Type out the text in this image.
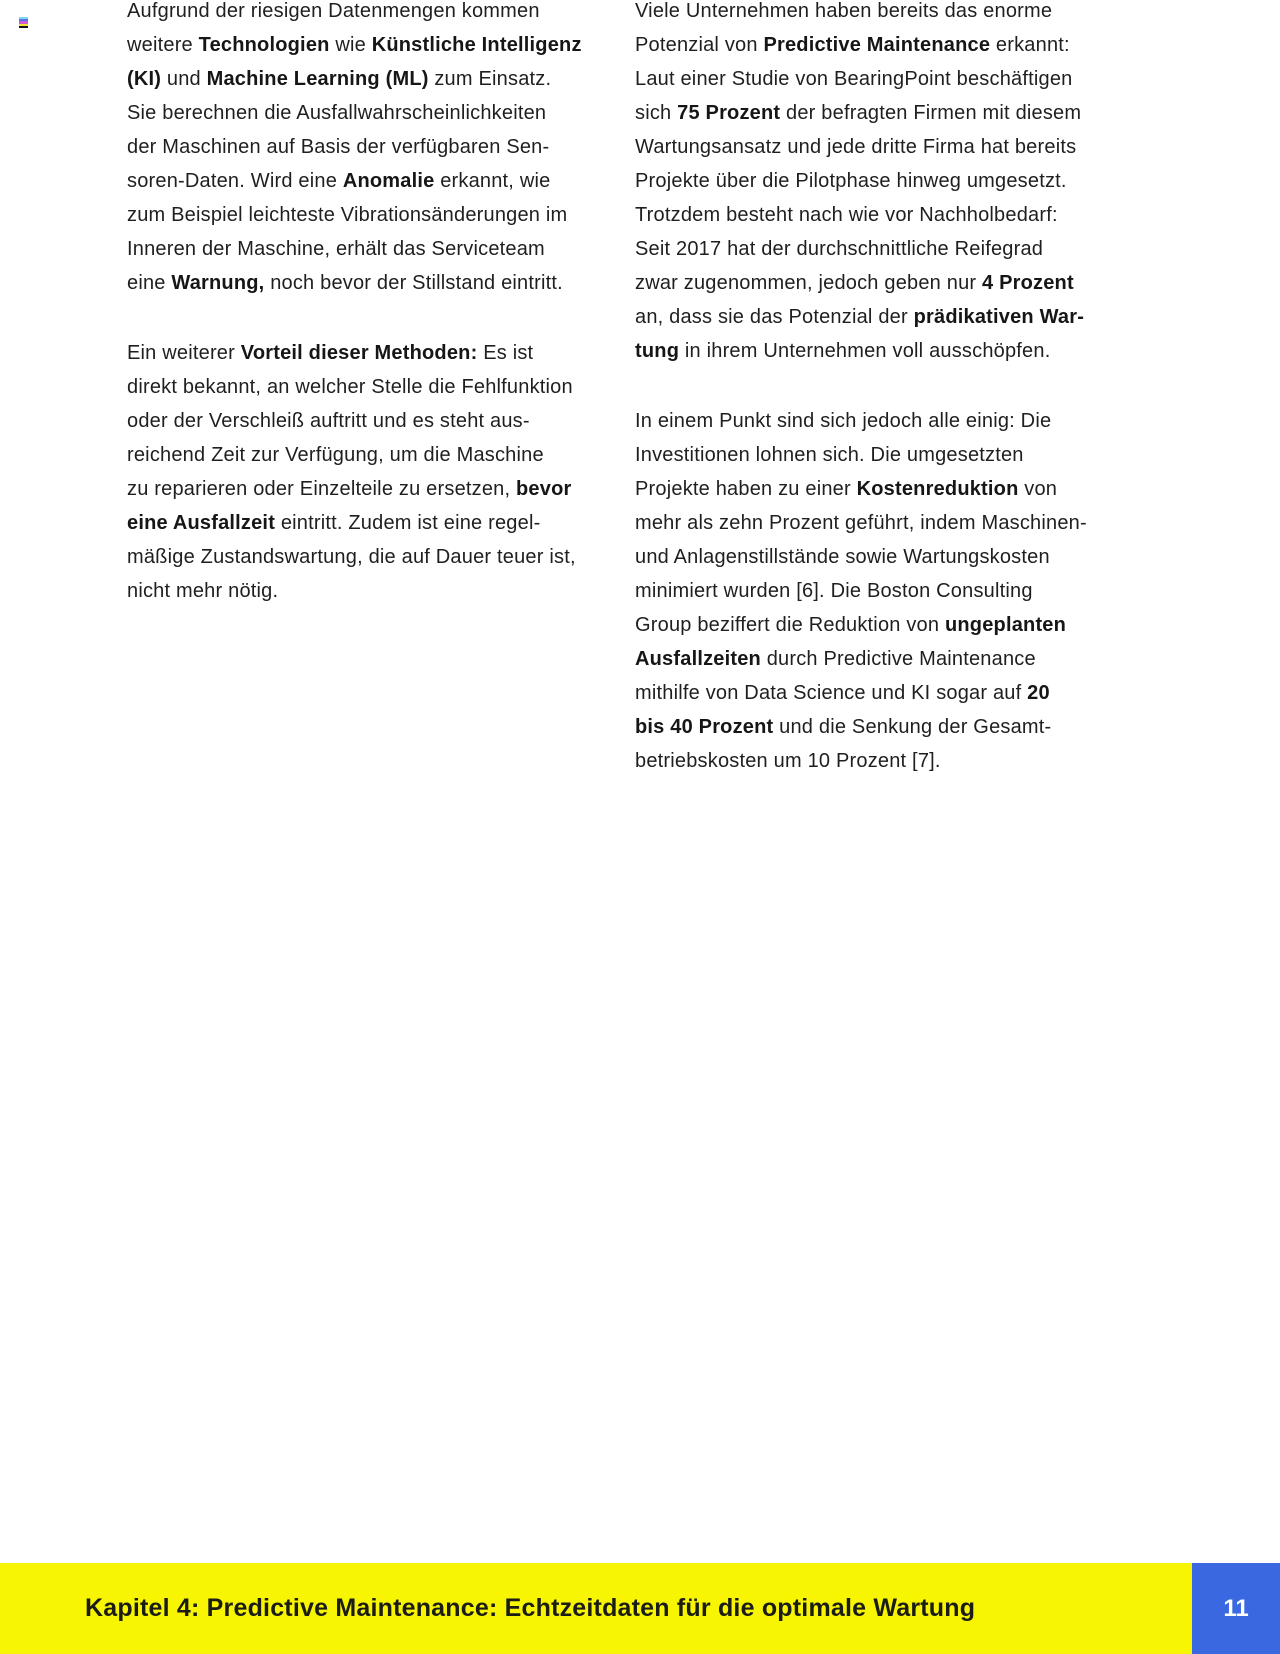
Aufgrund der riesigen Datenmengen kommen
weitere Technologien wie Künstliche Intelligenz
(KI) und Machine Learning (ML) zum Einsatz.
Sie berechnen die Ausfallwahrscheinlichkeiten
der Maschinen auf Basis der verfügbaren Sen-
soren-Daten. Wird eine Anomalie erkannt, wie
zum Beispiel leichteste Vibrationsänderungen im
Inneren der Maschine, erhält das Serviceteam
eine Warnung, noch bevor der Stillstand eintritt.
Ein weiterer Vorteil dieser Methoden: Es ist
direkt bekannt, an welcher Stelle die Fehlfunktion
oder der Verschleiß auftritt und es steht aus-
reichend Zeit zur Verfügung, um die Maschine
zu reparieren oder Einzelteile zu ersetzen, bevor
eine Ausfallzeit eintritt. Zudem ist eine regel-
mäßige Zustandswartung, die auf Dauer teuer ist,
nicht mehr nötig.
Viele Unternehmen haben bereits das enorme
Potenzial von Predictive Maintenance erkannt:
Laut einer Studie von BearingPoint beschäftigen
sich 75 Prozent der befragten Firmen mit diesem
Wartungsansatz und jede dritte Firma hat bereits
Projekte über die Pilotphase hinweg umgesetzt.
Trotzdem besteht nach wie vor Nachholbedarf:
Seit 2017 hat der durchschnittliche Reifegrad
zwar zugenommen, jedoch geben nur 4 Prozent
an, dass sie das Potenzial der prädikativen War-
tung in ihrem Unternehmen voll ausschöpfen.
In einem Punkt sind sich jedoch alle einig: Die
Investitionen lohnen sich. Die umgesetzten
Projekte haben zu einer Kostenreduktion von
mehr als zehn Prozent geführt, indem Maschinen-
und Anlagenstillstände sowie Wartungskosten
minimiert wurden [6]. Die Boston Consulting
Group beziffert die Reduktion von ungeplanten
Ausfallzeiten durch Predictive Maintenance
mithilfe von Data Science und KI sogar auf 20
bis 40 Prozent und die Senkung der Gesamt-
betriebskosten um 10 Prozent [7].
Kapitel 4: Predictive Maintenance: Echtzeitdaten für die optimale Wartung	11
